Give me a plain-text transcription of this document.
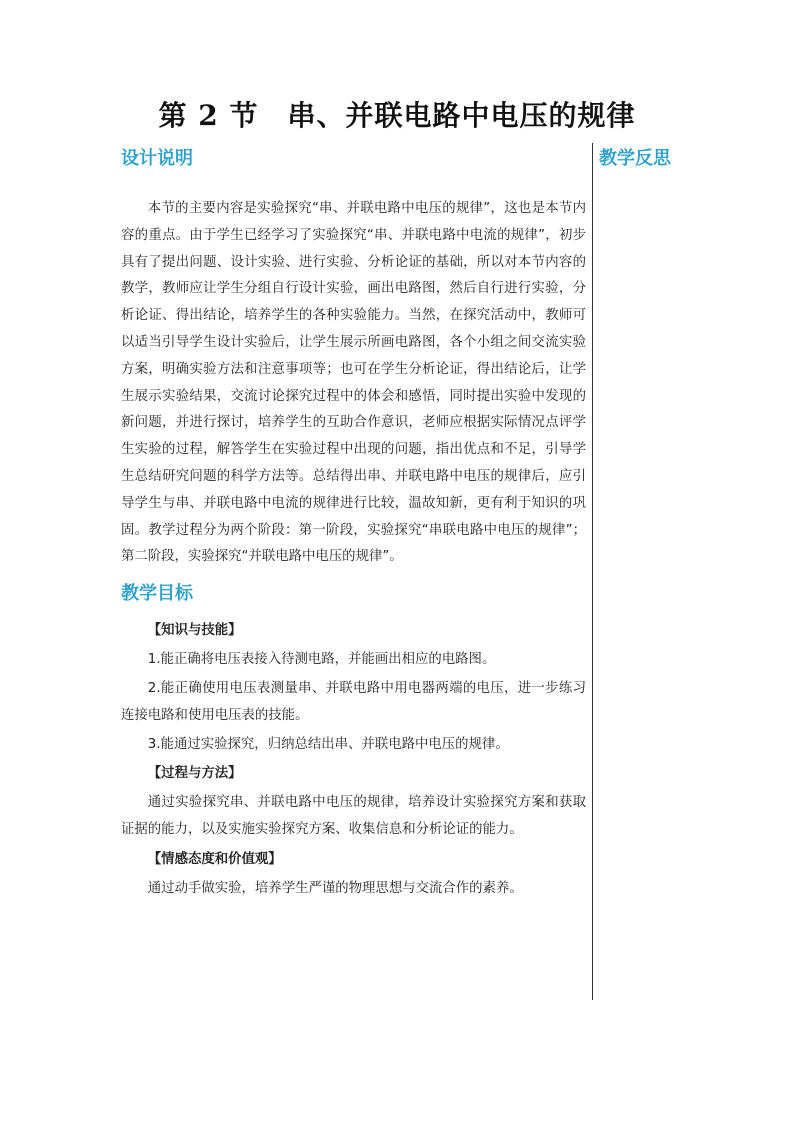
第 2 节　串、并联电路中电压的规律
教学反思
设计说明

本节的主要内容是实验探究“串、并联电路中电压的规律”，这也是本节内容的重点。由于学生已经学习了实验探究“串、并联电路中电流的规律”，初步具有了提出问题、设计实验、进行实验、分析论证的基础，所以对本节内容的教学，教师应让学生分组自行设计实验，画出电路图，然后自行进行实验，分析论证、得出结论，培养学生的各种实验能力。当然，在探究活动中，教师可以适当引导学生设计实验后，让学生展示所画电路图，各个小组之间交流实验方案，明确实验方法和注意事项等；也可在学生分析论证，得出结论后，让学生展示实验结果，交流讨论探究过程中的体会和感悟，同时提出实验中发现的新问题，并进行探讨，培养学生的互助合作意识，老师应根据实际情况点评学生实验的过程，解答学生在实验过程中出现的问题，指出优点和不足，引导学生总结研究问题的科学方法等。总结得出串、并联电路中电压的规律后，应引导学生与串、并联电路中电流的规律进行比较，温故知新，更有利于知识的巩固。教学过程分为两个阶段：第一阶段，实验探究“串联电路中电压的规律”；第二阶段，实验探究“并联电路中电压的规律”。

教学目标

【知识与技能】

1.能正确将电压表接入待测电路，并能画出相应的电路图。

2.能正确使用电压表测量串、并联电路中用电器两端的电压，进一步练习连接电路和使用电压表的技能。

3.能通过实验探究，归纳总结出串、并联电路中电压的规律。

【过程与方法】

通过实验探究串、并联电路中电压的规律，培养设计实验探究方案和获取证据的能力，以及实施实验探究方案、收集信息和分析论证的能力。

【情感态度和价值观】

通过动手做实验，培养学生严谨的物理思想与交流合作的素养。
